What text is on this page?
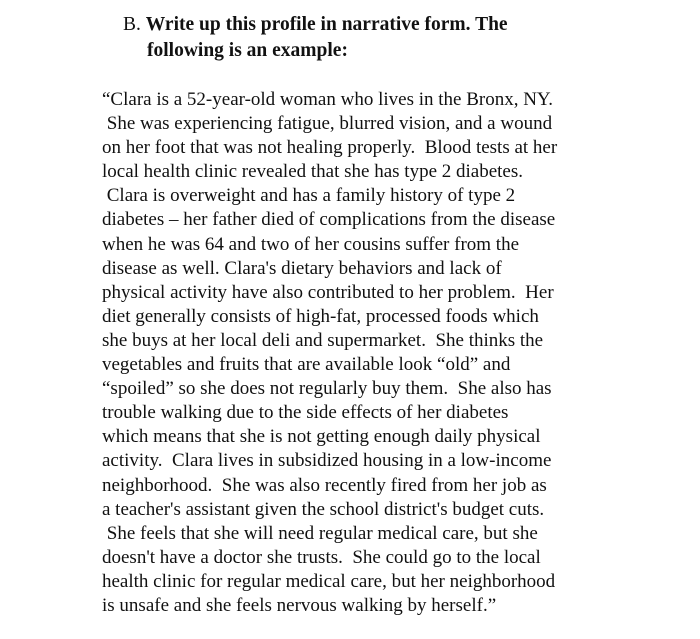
B. Write up this profile in narrative form. The
following is an example:
“Clara is a 52-year-old woman who lives in the Bronx, NY.
She was experiencing fatigue, blurred vision, and a wound
on her foot that was not healing properly.  Blood tests at her
local health clinic revealed that she has type 2 diabetes.
Clara is overweight and has a family history of type 2
diabetes – her father died of complications from the disease
when he was 64 and two of her cousins suffer from the
disease as well. Clara's dietary behaviors and lack of
physical activity have also contributed to her problem.  Her
diet generally consists of high-fat, processed foods which
she buys at her local deli and supermarket.  She thinks the
vegetables and fruits that are available look “old” and
“spoiled” so she does not regularly buy them.  She also has
trouble walking due to the side effects of her diabetes
which means that she is not getting enough daily physical
activity.  Clara lives in subsidized housing in a low-income
neighborhood.  She was also recently fired from her job as
a teacher's assistant given the school district's budget cuts.
She feels that she will need regular medical care, but she
doesn't have a doctor she trusts.  She could go to the local
health clinic for regular medical care, but her neighborhood
is unsafe and she feels nervous walking by herself.”
